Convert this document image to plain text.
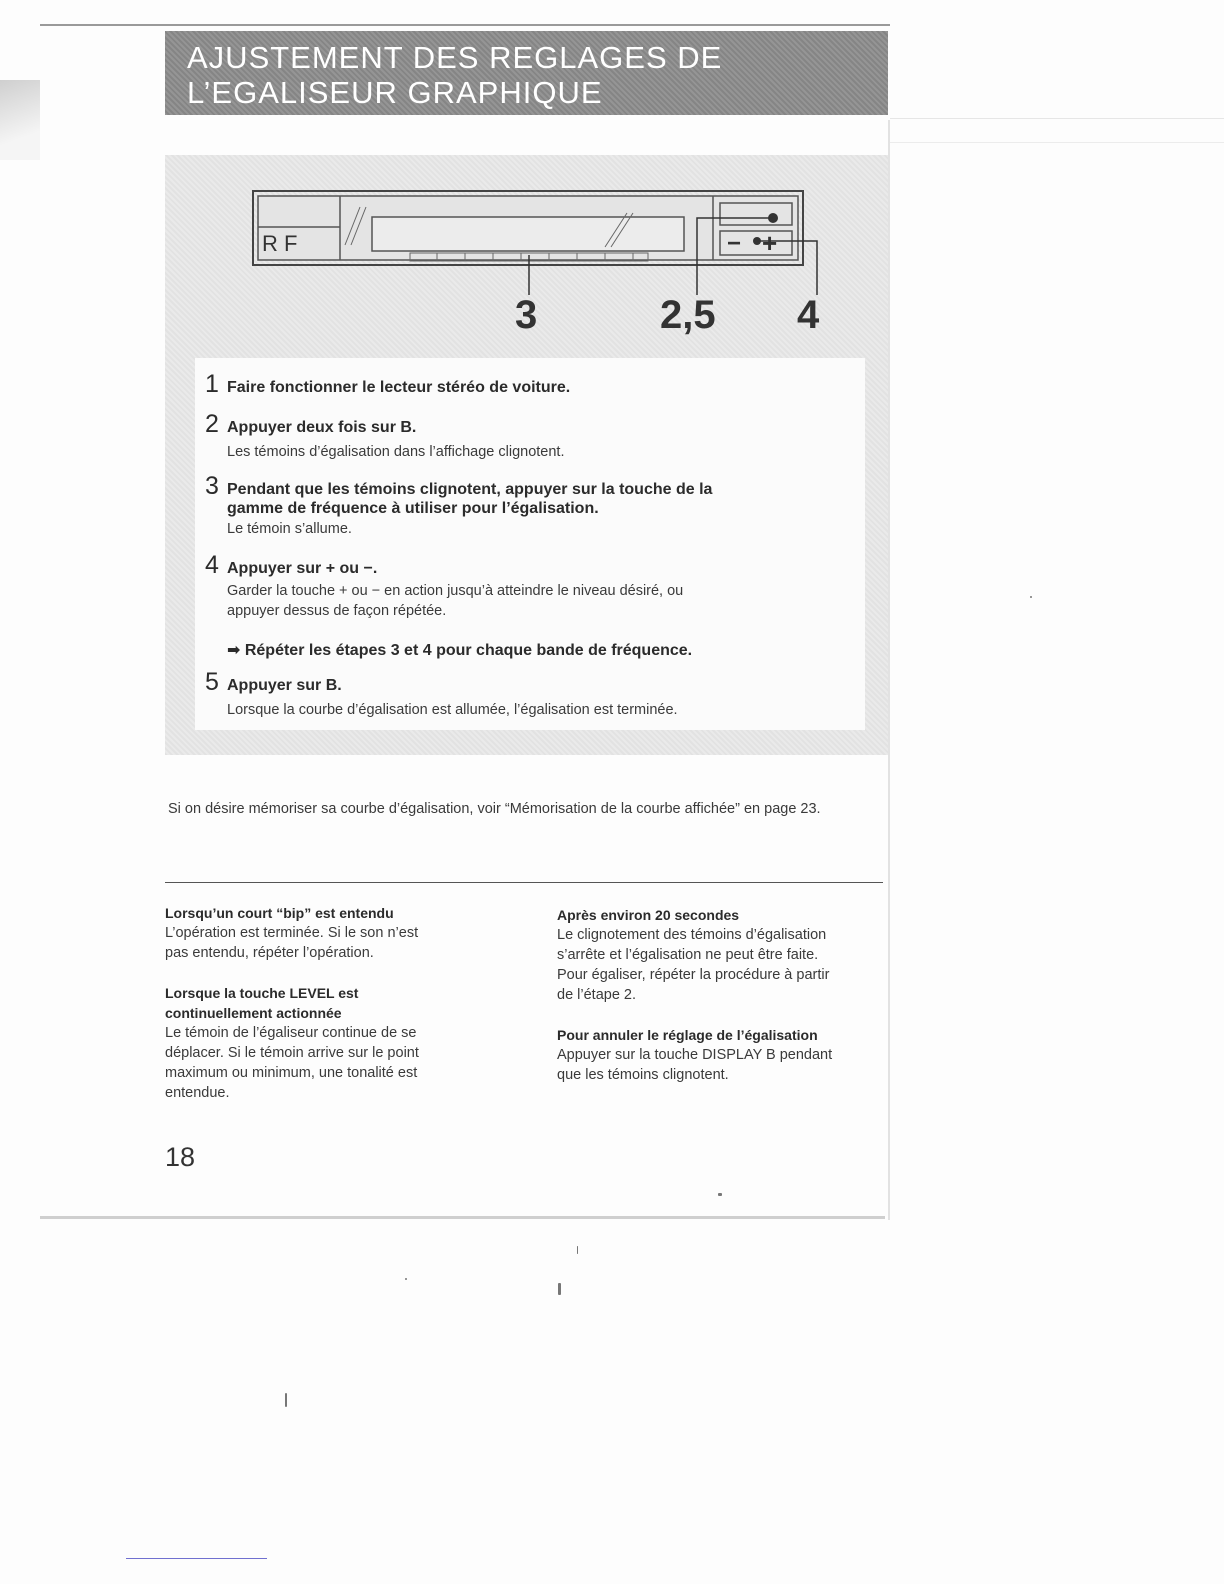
AJUSTEMENT DES REGLAGES DE
L’EGALISEUR GRAPHIQUE
R F	− +
3	2,5 4
1 Faire fonctionner le lecteur stéréo de voiture.
2 Appuyer deux fois sur B.
Les témoins d’égalisation dans l’affichage clignotent.
3 Pendant que les témoins clignotent, appuyer sur la touche de la
gamme de fréquence à utiliser pour l’égalisation.
Le témoin s’allume.
4 Appuyer sur + ou −.
Garder la touche + ou − en action jusqu’à atteindre le niveau désiré, ou
appuyer dessus de façon répétée.
➡ Répéter les étapes 3 et 4 pour chaque bande de fréquence.
5 Appuyer sur B.
Lorsque la courbe d’égalisation est allumée, l’égalisation est terminée.
Si on désire mémoriser sa courbe d’égalisation, voir “Mémorisation de la courbe affichée” en page 23.
Lorsqu’un court “bip” est entendu
L’opération est terminée. Si le son n’est
pas entendu, répéter l’opération.
Lorsque la touche LEVEL est
continuellement actionnée
Le témoin de l’égaliseur continue de se
déplacer. Si le témoin arrive sur le point
maximum ou minimum, une tonalité est
entendue.
Après environ 20 secondes
Le clignotement des témoins d’égalisation
s’arrête et l’égalisation ne peut être faite.
Pour égaliser, répéter la procédure à partir
de l’étape 2.
Pour annuler le réglage de l’égalisation
Appuyer sur la touche DISPLAY B pendant
que les témoins clignotent.
18
